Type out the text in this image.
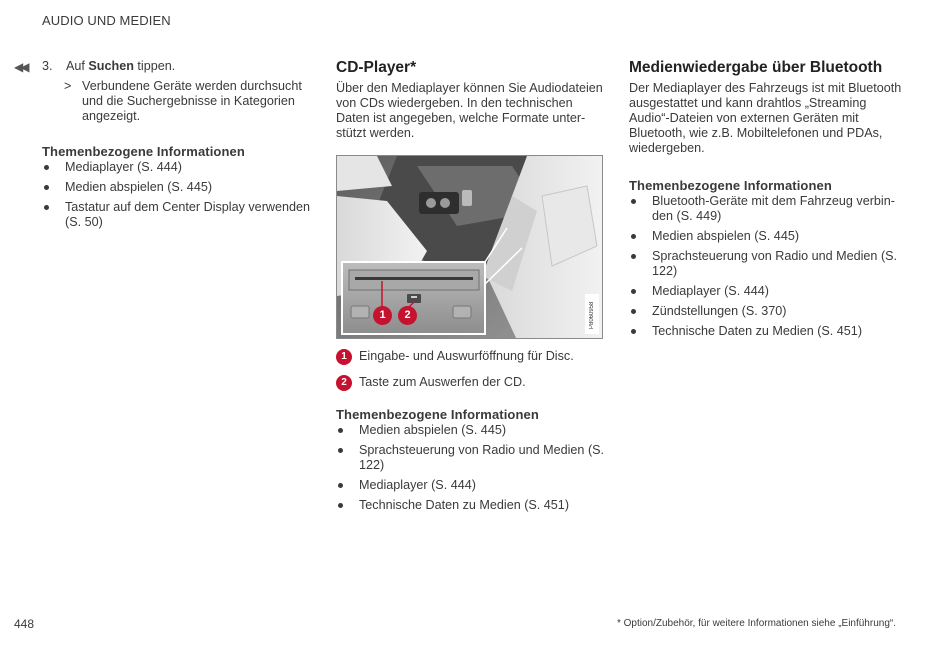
AUDIO UND MEDIEN
◀◀ 3. Auf Suchen tippen.
> Verbundene Geräte werden durchsucht und die Suchergebnisse in Kategorien angezeigt.
Themenbezogene Informationen
Mediaplayer (S. 444)
Medien abspielen (S. 445)
Tastatur auf dem Center Display verwenden (S. 50)
CD-Player*

Über den Mediaplayer können Sie Audiodateien von CDs wiedergeben. In den technischen Daten ist angegeben, welche Formate unterstützt werden.

1	2	P8060958
1 Eingabe- und Auswurföffnung für Disc.
2 Taste zum Auswerfen der CD.
Themenbezogene Informationen
Medien abspielen (S. 445)
Sprachsteuerung von Radio und Medien (S. 122)
Mediaplayer (S. 444)
Technische Daten zu Medien (S. 451)
Medienwiedergabe über Bluetooth

Der Mediaplayer des Fahrzeugs ist mit Bluetooth ausgestattet und kann drahtlos „Streaming Audio“-Dateien von externen Geräten mit Bluetooth, wie z.B. Mobiltelefonen und PDAs, wiedergeben.

Themenbezogene Informationen
Bluetooth-Geräte mit dem Fahrzeug verbinden (S. 449)
Medien abspielen (S. 445)
Sprachsteuerung von Radio und Medien (S. 122)
Mediaplayer (S. 444)
Zündstellungen (S. 370)
Technische Daten zu Medien (S. 451)
448	* Option/Zubehör, für weitere Informationen siehe „Einführung“.
